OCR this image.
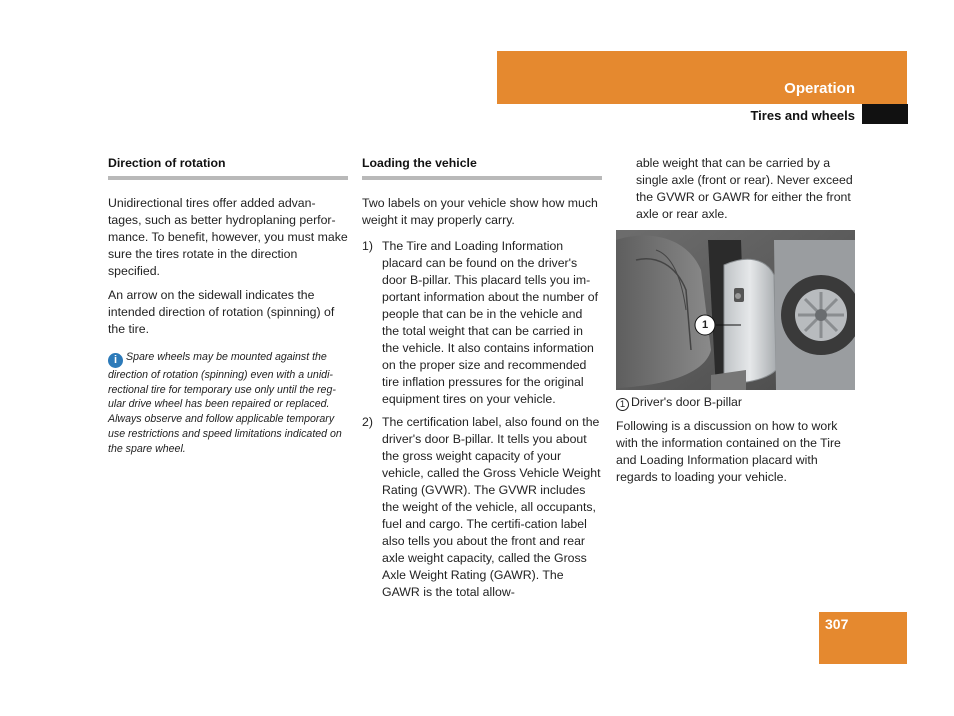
Operation
Tires and wheels
Direction of rotation

Unidirectional tires offer added advan-tages, such as better hydroplaning perfor-mance. To benefit, however, you must make sure the tires rotate in the direction specified.

An arrow on the sidewall indicates the intended direction of rotation (spinning) of the tire.

i Spare wheels may be mounted against the direction of rotation (spinning) even with a unidi-rectional tire for temporary use only until the reg-ular drive wheel has been repaired or replaced. Always observe and follow applicable temporary use restrictions and speed limitations indicated on the spare wheel.
Loading the vehicle

Two labels on your vehicle show how much weight it may properly carry.

1) The Tire and Loading Information placard can be found on the driver's door B-pillar. This placard tells you im-portant information about the number of people that can be in the vehicle and the total weight that can be carried in the vehicle. It also contains information on the proper size and recommended tire inflation pressures for the original equipment tires on your vehicle.
2) The certification label, also found on the driver's door B-pillar. It tells you about the gross weight capacity of your vehicle, called the Gross Vehicle Weight Rating (GVWR). The GVWR includes the weight of the vehicle, all occupants, fuel and cargo. The certifi-cation label also tells you about the front and rear axle weight capacity, called the Gross Axle Weight Rating (GAWR). The GAWR is the total allow-

able weight that can be carried by a single axle (front or rear). Never exceed the GVWR or GAWR for either the front axle or rear axle.

1

1 Driver's door B-pillar

Following is a discussion on how to work with the information contained on the Tire and Loading Information placard with regards to loading your vehicle.

307
